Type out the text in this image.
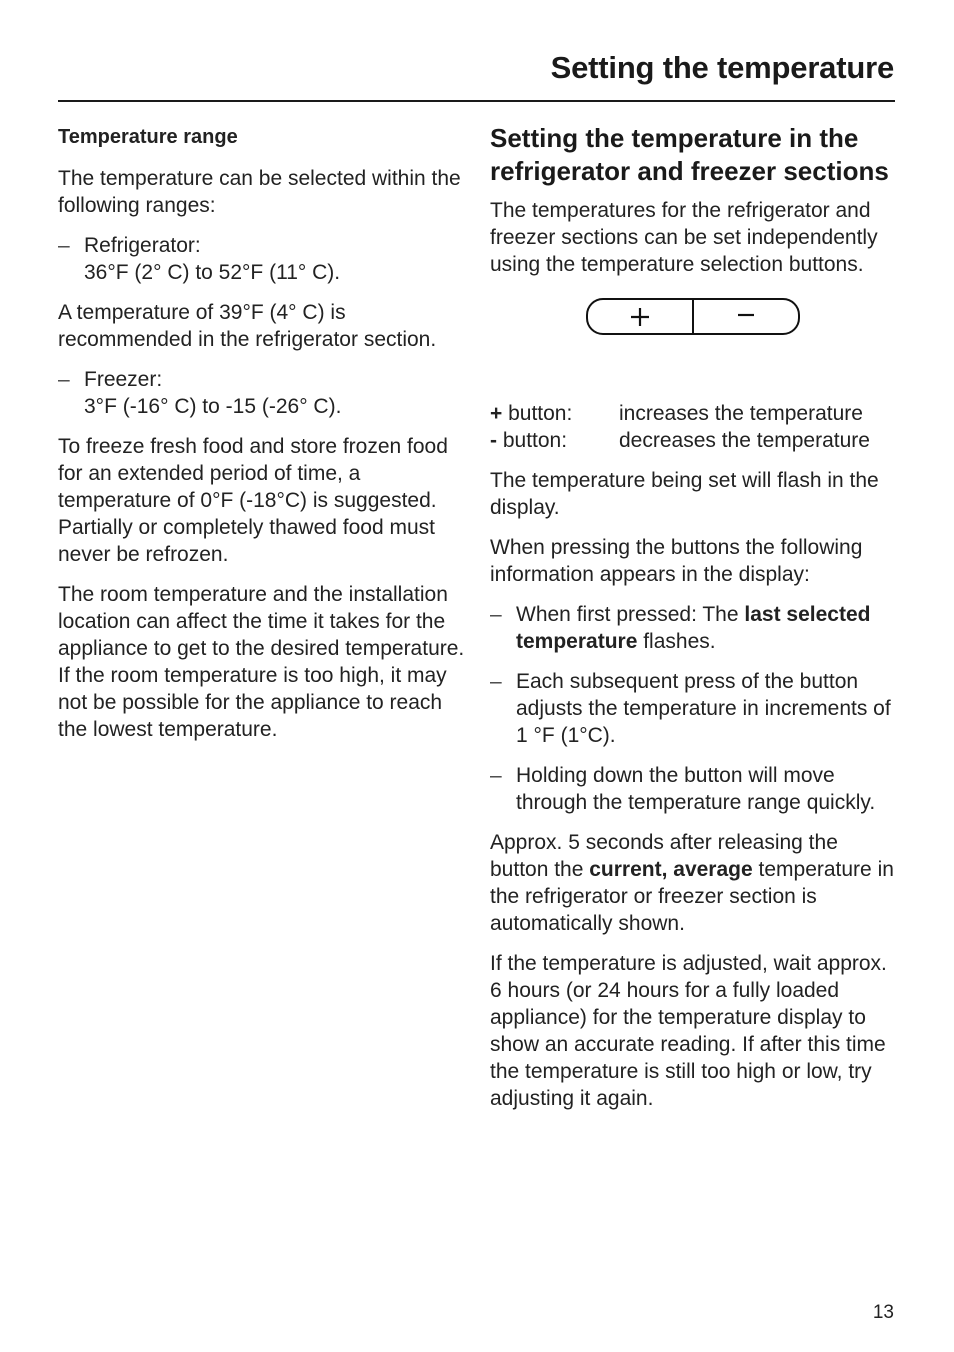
Setting the temperature
Temperature range

The temperature can be selected within the following ranges:

– Refrigerator:
36°F (2° C) to 52°F (11° C).

A temperature of 39°F (4° C) is recommended in the refrigerator section.

– Freezer:
3°F (-16° C) to -15 (-26° C).

To freeze fresh food and store frozen food for an extended period of time, a temperature of 0°F (-18°C) is suggested.
Partially or completely thawed food must never be refrozen.

The room temperature and the installation location can affect the time it takes for the appliance to get to the desired temperature. If the room temperature is too high, it may not be possible for the appliance to reach the lowest temperature.

Setting the temperature in the refrigerator and freezer sections

The temperatures for the refrigerator and freezer sections can be set independently using the temperature selection buttons.

+ button:	increases the temperature
- button:	decreases the temperature

The temperature being set will flash in the display.

When pressing the buttons the following information appears in the display:

– When first pressed: The last selected temperature flashes.
– Each subsequent press of the button adjusts the temperature in increments of 1 °F (1°C).
– Holding down the button will move through the temperature range quickly.

Approx. 5 seconds after releasing the button the current, average temperature in the refrigerator or freezer section is automatically shown.

If the temperature is adjusted, wait approx. 6 hours (or 24 hours for a fully loaded appliance) for the temperature display to show an accurate reading. If after this time the temperature is still too high or low, try adjusting it again.

13
